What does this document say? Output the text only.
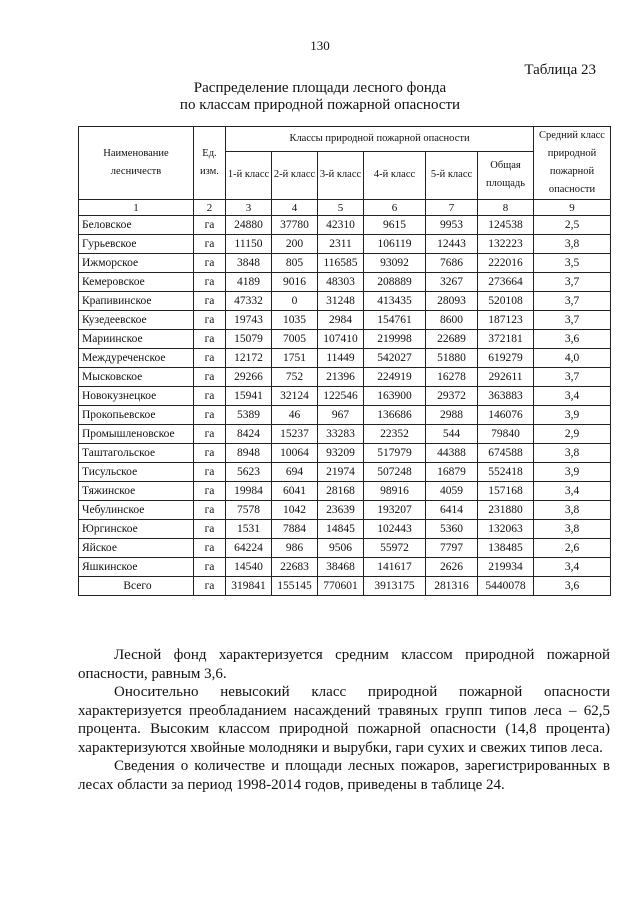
130
Таблица 23
Распределение площади лесного фонда
по классам природной пожарной опасности
Наименование лесничеств	Ед. изм.	Классы природной пожарной опасности						Средний класс природной пожарной опасности
		1-й класс	2-й класс	3-й класс	4-й класс	5-й класс	Общая площадь	
1	2	3	4	5	6	7	8	9
Беловское	га	24880	37780	42310	9615	9953	124538	2,5
Гурьевское	га	11150	200	2311	106119	12443	132223	3,8
Ижморское	га	3848	805	116585	93092	7686	222016	3,5
Кемеровское	га	4189	9016	48303	208889	3267	273664	3,7
Крапивинское	га	47332	0	31248	413435	28093	520108	3,7
Кузедеевское	га	19743	1035	2984	154761	8600	187123	3,7
Мариинское	га	15079	7005	107410	219998	22689	372181	3,6
Междуреченское	га	12172	1751	11449	542027	51880	619279	4,0
Мысковское	га	29266	752	21396	224919	16278	292611	3,7
Новокузнецкое	га	15941	32124	122546	163900	29372	363883	3,4
Прокопьевское	га	5389	46	967	136686	2988	146076	3,9
Промышленовское	га	8424	15237	33283	22352	544	79840	2,9
Таштагольское	га	8948	10064	93209	517979	44388	674588	3,8
Тисульское	га	5623	694	21974	507248	16879	552418	3,9
Тяжинское	га	19984	6041	28168	98916	4059	157168	3,4
Чебулинское	га	7578	1042	23639	193207	6414	231880	3,8
Юргинское	га	1531	7884	14845	102443	5360	132063	3,8
Яйское	га	64224	986	9506	55972	7797	138485	2,6
Яшкинское	га	14540	22683	38468	141617	2626	219934	3,4
Всего	га	319841	155145	770601	3913175	281316	5440078	3,6

Лесной фонд характеризуется средним классом природной пожарной опасности, равным 3,6.

Оносительно невысокий класс природной пожарной опасности характеризуется преобладанием насаждений травяных групп типов леса – 62,5 процента. Высоким классом природной пожарной опасности (14,8 процента) характеризуются хвойные молодняки и вырубки, гари сухих и свежих типов леса.

Сведения о количестве и площади лесных пожаров, зарегистрированных в лесах области за период 1998-2014 годов, приведены в таблице 24.
